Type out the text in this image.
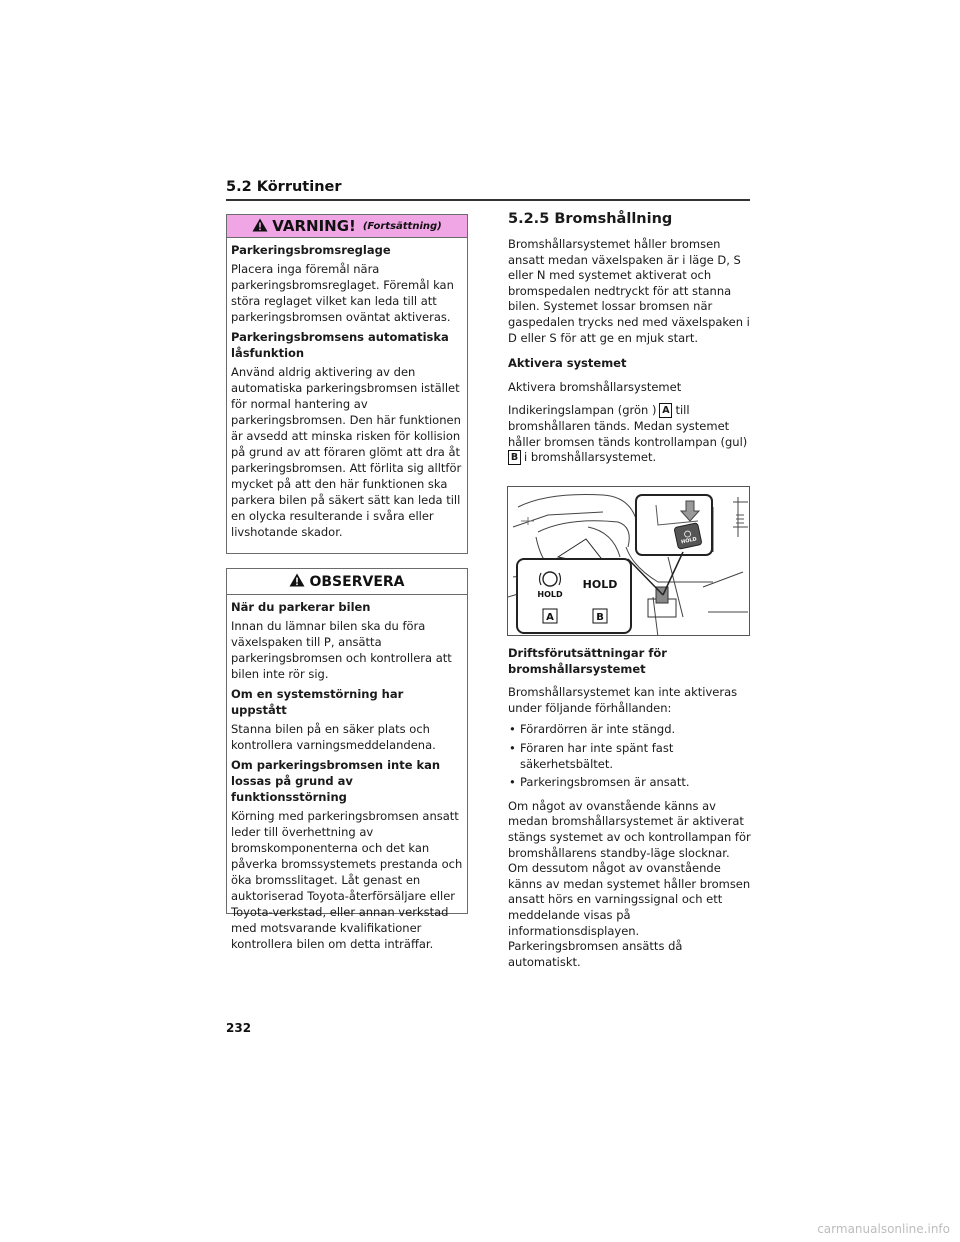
5.2 Körrutiner
VARNING! (Fortsättning)
Parkeringsbromsreglage
Placera inga föremål nära parkeringsbromsreglaget. Föremål kan störa reglaget vilket kan leda till att parkeringsbromsen oväntat aktiveras.
Parkeringsbromsens automatiska låsfunktion
Använd aldrig aktivering av den automatiska parkeringsbromsen istället för normal hantering av parkeringsbromsen. Den här funktionen är avsedd att minska risken för kollision på grund av att föraren glömt att dra åt parkeringsbromsen. Att förlita sig alltför mycket på att den här funktionen ska parkera bilen på säkert sätt kan leda till en olycka resulterande i svåra eller livshotande skador.
OBSERVERA
När du parkerar bilen
Innan du lämnar bilen ska du föra växelspaken till P, ansätta parkeringsbromsen och kontrollera att bilen inte rör sig.
Om en systemstörning har uppstått
Stanna bilen på en säker plats och kontrollera varningsmeddelandena.
Om parkeringsbromsen inte kan lossas på grund av funktionsstörning
Körning med parkeringsbromsen ansatt leder till överhettning av bromskomponenterna och det kan påverka bromssystemets prestanda och öka bromsslitaget. Låt genast en auktoriserad Toyota-återförsäljare eller Toyota-verkstad, eller annan verkstad med motsvarande kvalifikationer kontrollera bilen om detta inträffar.
5.2.5 Bromshållning
Bromshållarsystemet håller bromsen ansatt medan växelspaken är i läge D, S eller N med systemet aktiverat och bromspedalen nedtryckt för att stanna bilen. Systemet lossar bromsen när gaspedalen trycks ned med växelspaken i D eller S för att ge en mjuk start.
Aktivera systemet
Aktivera bromshållarsystemet
Indikeringslampan (grön ) A till bromshållaren tänds. Medan systemet håller bromsen tänds kontrollampan (gul)
B i bromshållarsystemet.
HOLD
HOLD
HOLD
A	B
Driftsförutsättningar för bromshållarsystemet
Bromshållarsystemet kan inte aktiveras under följande förhållanden:
• Förardörren är inte stängd.
• Föraren har inte spänt fast säkerhetsbältet.
• Parkeringsbromsen är ansatt.
Om något av ovanstående känns av medan bromshållarsystemet är aktiverat stängs systemet av och kontrollampan för bromshållarens standby-läge slocknar. Om dessutom något av ovanstående känns av medan systemet håller bromsen ansatt hörs en varningssignal och ett meddelande visas på informationsdisplayen. Parkeringsbromsen ansätts då automatiskt.
232
carmanualsonline.info
